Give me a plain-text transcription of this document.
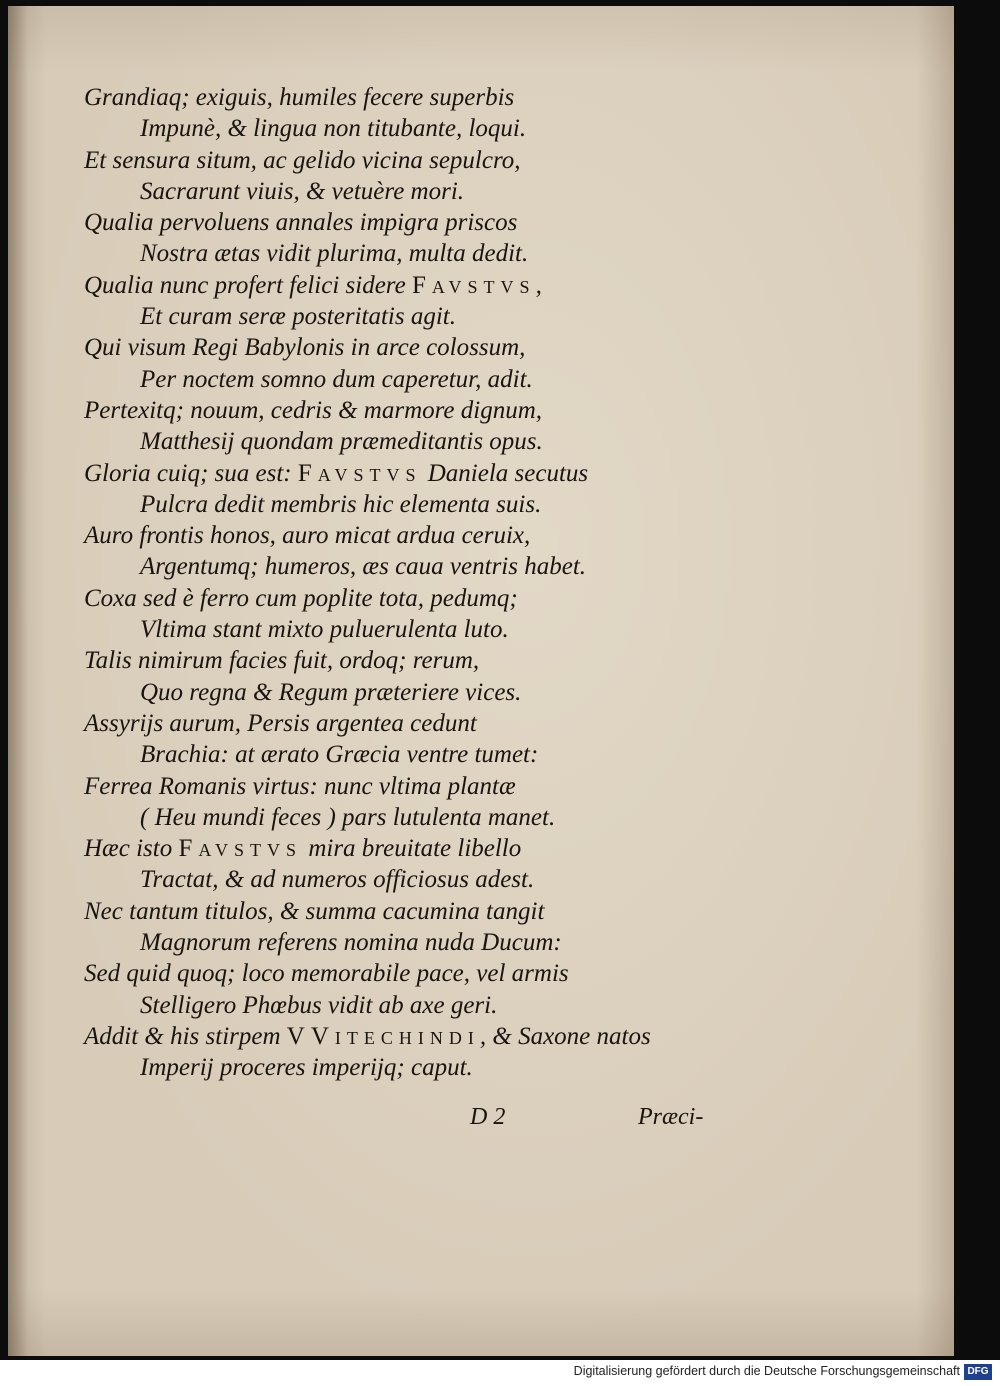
Grandiaq; exiguis, humiles fecere superbis
Impunè, & lingua non titubante, loqui.
Et sensura situm, ac gelido vicina sepulcro,
Sacrarunt viuis, & vetuère mori.
Qualia pervoluens annales impigra priscos
Nostra ætas vidit plurima, multa dedit.
Qualia nunc profert felici sidere Favstvs,
Et curam seræ posteritatis agit.
Qui visum Regi Babylonis in arce colossum,
Per noctem somno dum caperetur, adit.
Pertexitq; nouum, cedris & marmore dignum,
Matthesij quondam præmeditantis opus.
Gloria cuiq; sua est: Favstvs Daniela secutus
Pulcra dedit membris hic elementa suis.
Auro frontis honos, auro micat ardua ceruix,
Argentumq; humeros, æs caua ventris habet.
Coxa sed è ferro cum poplite tota, pedumq;
Vltima stant mixto puluerulenta luto.
Talis nimirum facies fuit, ordoq; rerum,
Quo regna & Regum præteriere vices.
Assyrijs aurum, Persis argentea cedunt
Brachia: at ærato Græcia ventre tumet:
Ferrea Romanis virtus: nunc vltima plantæ
( Heu mundi feces ) pars lutulenta manet.
Hæc isto Favstvs mira breuitate libello
Tractat, & ad numeros officiosus adest.
Nec tantum titulos, & summa cacumina tangit
Magnorum referens nomina nuda Ducum:
Sed quid quoq; loco memorabile pace, vel armis
Stelligero Phœbus vidit ab axe geri.
Addit & his stirpem VVitechindi, & Saxone natos
Imperij proceres imperijq; caput.
D 2	Præci-
Digitalisierung gefördert durch die Deutsche Forschungsgemeinschaft DFG
